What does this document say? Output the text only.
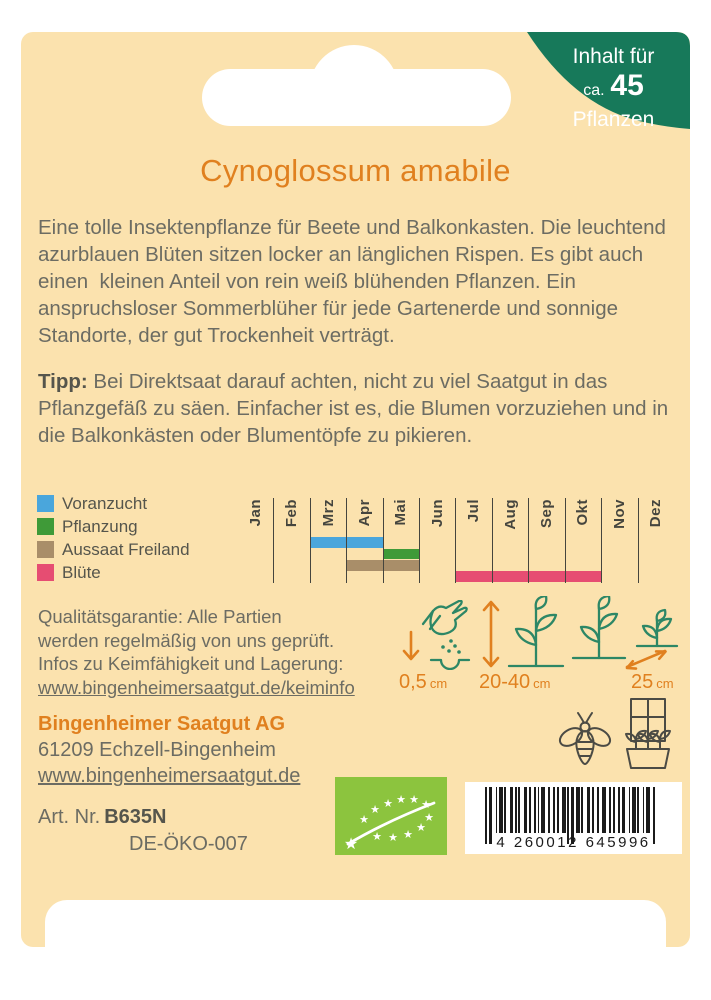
Inhalt für
ca. 45
Pflanzen
Cynoglossum amabile
Eine tolle Insektenpflanze für Beete und Balkonkasten. Die leuchtend azurblauen Blüten sitzen locker an länglichen Rispen. Es gibt auch einen  kleinen Anteil von rein weiß blühenden Pflanzen. Ein anspruchsloser Sommerblüher für jede Gartenerde und sonnige Standorte, der gut Trockenheit verträgt.
Tipp: Bei Direktsaat darauf achten, nicht zu viel Saatgut in das Pflanzgefäß zu säen. Einfacher ist es, die Blumen vorzuziehen und in die Balkonkästen oder Blumentöpfe zu pikieren.
Voranzucht
Pflanzung
Aussaat Freiland
Blüte
Jan Feb Mrz Apr Mai Jun Jul Aug Sep Okt Nov Dez
Qualitätsgarantie: Alle Partien
werden regelmäßig von uns geprüft.
Infos zu Keimfähigkeit und Lagerung:
www.bingenheimersaatgut.de/keiminfo 0,5 cm	20-40 cm	25 cm
Bingenheimer Saatgut AG
61209 Echzell-Bingenheim
www.bingenheimersaatgut.de
Art. Nr. B635N
DE-ÖKO-007
★
★ ★ ★ ★ ★
★
★
★
★
★
★	4 260012 645996
